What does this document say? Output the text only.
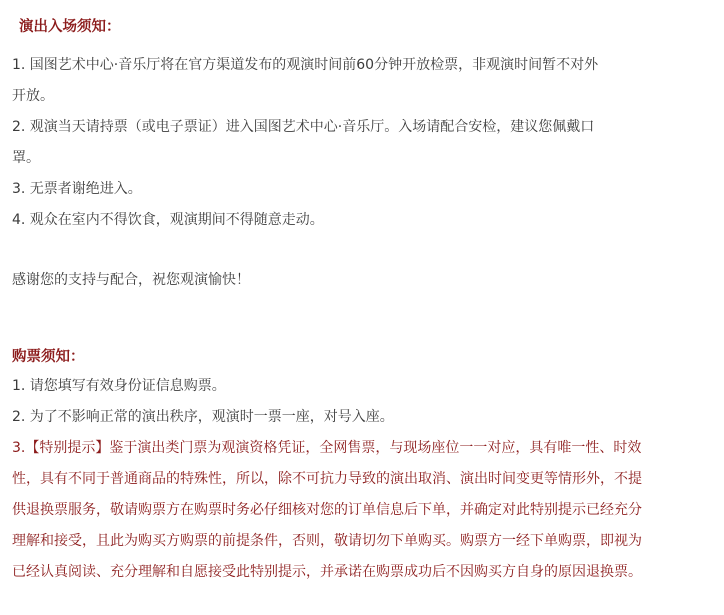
演出入场须知：
1. 国图艺术中心·音乐厅将在官方渠道发布的观演时间前60分钟开放检票，非观演时间暂不对外
开放。
2. 观演当天请持票（或电子票证）进入国图艺术中心·音乐厅。入场请配合安检，建议您佩戴口
罩。
3. 无票者谢绝进入。
4. 观众在室内不得饮食，观演期间不得随意走动。
感谢您的支持与配合，祝您观演愉快！
购票须知：
1. 请您填写有效身份证信息购票。
2. 为了不影响正常的演出秩序，观演时一票一座，对号入座。
3.【特别提示】鉴于演出类门票为观演资格凭证，全网售票，与现场座位一一对应，具有唯一性、时效
性，具有不同于普通商品的特殊性，所以，除不可抗力导致的演出取消、演出时间变更等情形外，不提
供退换票服务，敬请购票方在购票时务必仔细核对您的订单信息后下单，并确定对此特别提示已经充分
理解和接受，且此为购买方购票的前提条件，否则，敬请切勿下单购买。购票方一经下单购票，即视为
已经认真阅读、充分理解和自愿接受此特别提示，并承诺在购票成功后不因购买方自身的原因退换票。
